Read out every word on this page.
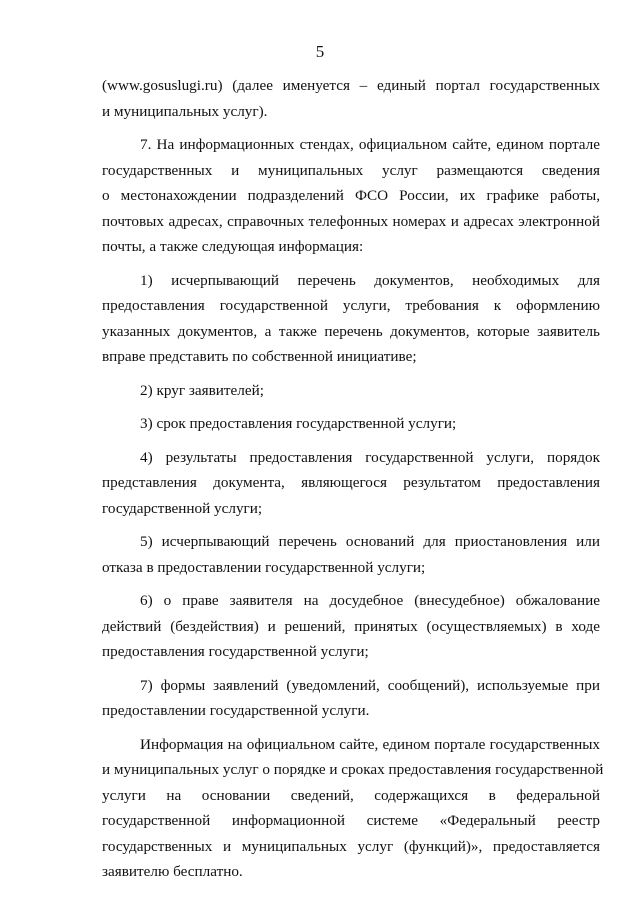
5
(www.gosuslugi.ru) (далее именуется – единый портал государственных
и муниципальных услуг).
7. На информационных стендах, официальном сайте, едином портале
государственных и муниципальных услуг размещаются сведения
о местонахождении подразделений ФСО России, их графике работы,
почтовых адресах, справочных телефонных номерах и адресах электронной
почты, а также следующая информация:
1) исчерпывающий перечень документов, необходимых для
предоставления государственной услуги, требования к оформлению
указанных документов, а также перечень документов, которые заявитель
вправе представить по собственной инициативе;
2) круг заявителей;
3) срок предоставления государственной услуги;
4) результаты предоставления государственной услуги, порядок
представления документа, являющегося результатом предоставления
государственной услуги;
5) исчерпывающий перечень оснований для приостановления или
отказа в предоставлении государственной услуги;
6) о праве заявителя на досудебное (внесудебное) обжалование
действий (бездействия) и решений, принятых (осуществляемых) в ходе
предоставления государственной услуги;
7) формы заявлений (уведомлений, сообщений), используемые при
предоставлении государственной услуги.
Информация на официальном сайте, едином портале государственных
и муниципальных услуг о порядке и сроках предоставления государственной
услуги на основании сведений, содержащихся в федеральной
государственной информационной системе «Федеральный реестр
государственных и муниципальных услуг (функций)», предоставляется
заявителю бесплатно.
